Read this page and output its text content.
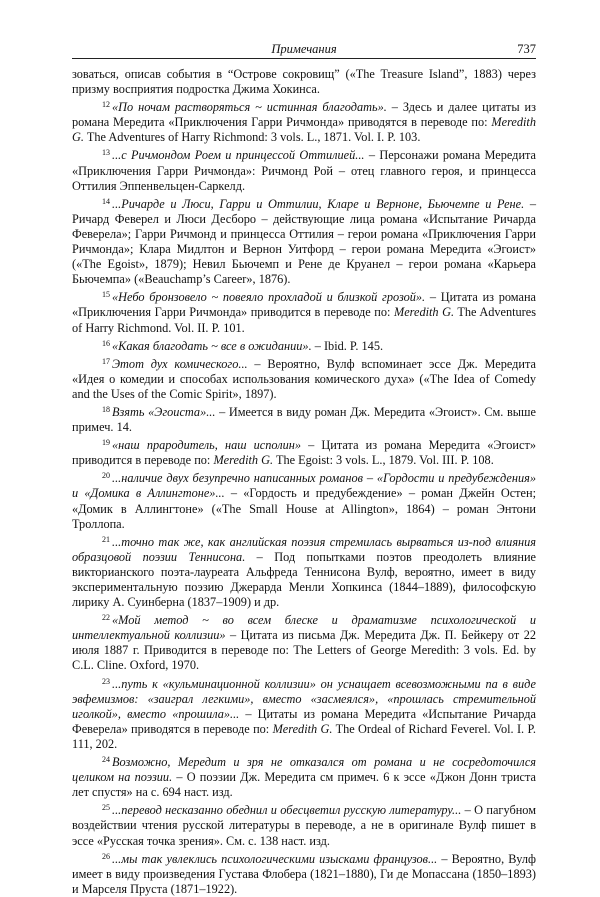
Примечания	737

зоваться, описав события в “Острове сокровищ” («The Treasure Island”, 1883) через призму восприятия подростка Джима Хокинса.

$^{12}$ «По ночам растворяться ~ истинная благодать». – Здесь и далее цитаты из романа Мередита «Приключения Гарри Ричмонда» приводятся в переводе по: Meredith G. The Adventures of Harry Richmond: 3 vols. L., 1871. Vol. I. P. 103.

$^{13}$ ...с Ричмондом Роем и принцессой Оттилией... – Персонажи романа Мередита «Приключения Гарри Ричмонда»: Ричмонд Рой – отец главного героя, и принцесса Оттилия Эппенвельцен-Саркелд.

$^{14}$ ...Ричарде и Люси, Гарри и Оттилии, Кларе и Верноне, Бьючемпе и Рене. – Ричард Феверел и Люси Десборо – действующие лица романа «Испытание Ричарда Феверела»; Гарри Ричмонд и принцесса Оттилия – герои романа «Приключения Гарри Ричмонда»; Клара Мидлтон и Вернон Уитфорд – герои романа Мередита «Эгоист» («The Egoist», 1879); Невил Бьючемп и Рене де Круанел – герои романа «Карьера Бьючемпа» («Beauchamp’s Career», 1876).

$^{15}$ «Небо бронзовело ~ повеяло прохладой и близкой грозой». – Цитата из романа «Приключения Гарри Ричмонда» приводится в переводе по: Meredith G. The Adventures of Harry Richmond. Vol. II. P. 101.

$^{16}$ «Какая благодать ~ все в ожидании». – Ibid. P. 145.

$^{17}$ Этот дух комического... – Вероятно, Вулф вспоминает эссе Дж. Мередита «Идея о комедии и способах использования комического духа» («The Idea of Comedy and the Uses of the Comic Spirit», 1897).

$^{18}$ Взять «Эгоиста»... – Имеется в виду роман Дж. Мередита «Эгоист». См. выше примеч. 14.

$^{19}$ «наш прародитель, наш исполин» – Цитата из романа Мередита «Эгоист» приводится в переводе по: Meredith G. The Egoist: 3 vols. L., 1879. Vol. III. P. 108.

$^{20}$ ...наличие двух безупречно написанных романов – «Гордости и предубеждения» и «Домика в Аллингтоне»... – «Гордость и предубеждение» – роман Джейн Остен; «Домик в Аллингтоне» («The Small House at Allington», 1864) – роман Энтони Троллопа.

$^{21}$ ...точно так же, как английская поэзия стремилась вырваться из-под влияния образцовой поэзии Теннисона. – Под попытками поэтов преодолеть влияние викторианского поэта-лауреата Альфреда Теннисона Вулф, вероятно, имеет в виду экспериментальную поэзию Джерарда Менли Хопкинса (1844–1889), философскую лирику А. Суинберна (1837–1909) и др.

$^{22}$ «Мой метод ~ во всем блеске и драматизме психологической и интеллектуальной коллизии» – Цитата из письма Дж. Мередита Дж. П. Бейкеру от 22 июля 1887 г. Приводится в переводе по: The Letters of George Meredith: 3 vols. Ed. by C.L. Cline. Oxford, 1970.

$^{23}$ ...путь к «кульминационной коллизии» он уснащает всевозможными па в виде эвфемизмов: «заиграл легкими», вместо «засмеялся», «прошлась стремительной иголкой», вместо «прошила»... – Цитаты из романа Мередита «Испытание Ричарда Феверела» приводятся в переводе по: Meredith G. The Ordeal of Richard Feverel. Vol. I. P. 111, 202.

$^{24}$ Возможно, Мередит и зря не отказался от романа и не сосредоточился целиком на поэзии. – О поэзии Дж. Мередита см примеч. 6 к эссе «Джон Донн триста лет спустя» на с. 694 наст. изд.

$^{25}$ ...перевод несказанно обеднил и обесцветил русскую литературу... – О пагубном воздействии чтения русской литературы в переводе, а не в оригинале Вулф пишет в эссе «Русская точка зрения». См. с. 138 наст. изд.

$^{26}$ ...мы так увлеклись психологическими изысками французов... – Вероятно, Вулф имеет в виду произведения Густава Флобера (1821–1880), Ги де Мопассана (1850–1893) и Марселя Пруста (1871–1922).
